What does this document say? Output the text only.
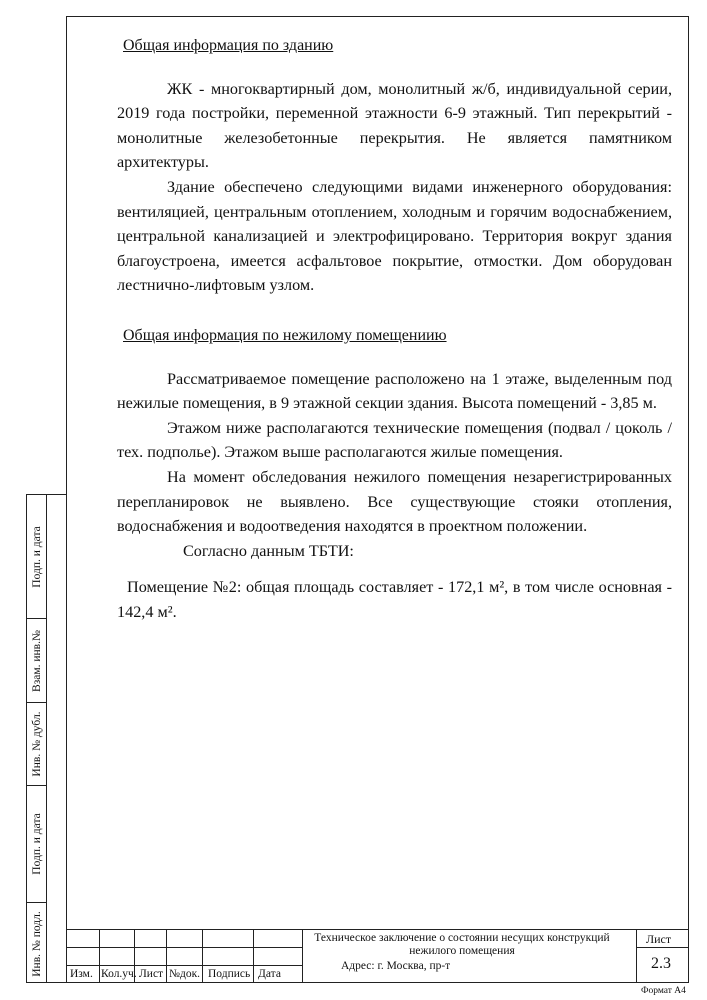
Общая информация по зданию

ЖК - многоквартирный дом, монолитный ж/б, индивидуальной серии, 2019 года постройки, переменной этажности 6-9 этажный. Тип перекрытий - монолитные железобетонные перекрытия. Не является памятником архитектуры.

Здание обеспечено следующими видами инженерного оборудования: вентиляцией, центральным отоплением, холодным и горячим водоснабжением, центральной канализацией и электрофицировано. Территория вокруг здания благоустроена, имеется асфальтовое покрытие, отмостки. Дом оборудован лестнично-лифтовым узлом.

Общая информация по нежилому помещениию

Рассматриваемое помещение расположено на 1 этаже, выделенным под нежилые помещения, в 9 этажной секции здания. Высота помещений - 3,85 м.

Этажом ниже располагаются технические помещения (подвал / цоколь / тех. подполье). Этажом выше располагаются жилые помещения.

На момент обследования нежилого помещения незарегистрированных перепланировок не выявлено. Все существующие стояки отопления, водоснабжения и водоотведения находятся в проектном положении.

Согласно данным ТБТИ:

Помещение №2: общая площадь составляет - 172,1 м², в том числе основная - 142,4 м².

Подп. и дата
Взам. инв.№
Инв. № дубл.
Подп. и дата
Инв. № подл. Изм. Кол.уч. Лист №док. Подпись Дата
Техническое заключение о состоянии несущих конструкций нежилого помещения
Адрес: г. Москва, пр-т
Лист
2.3
Формат А4
